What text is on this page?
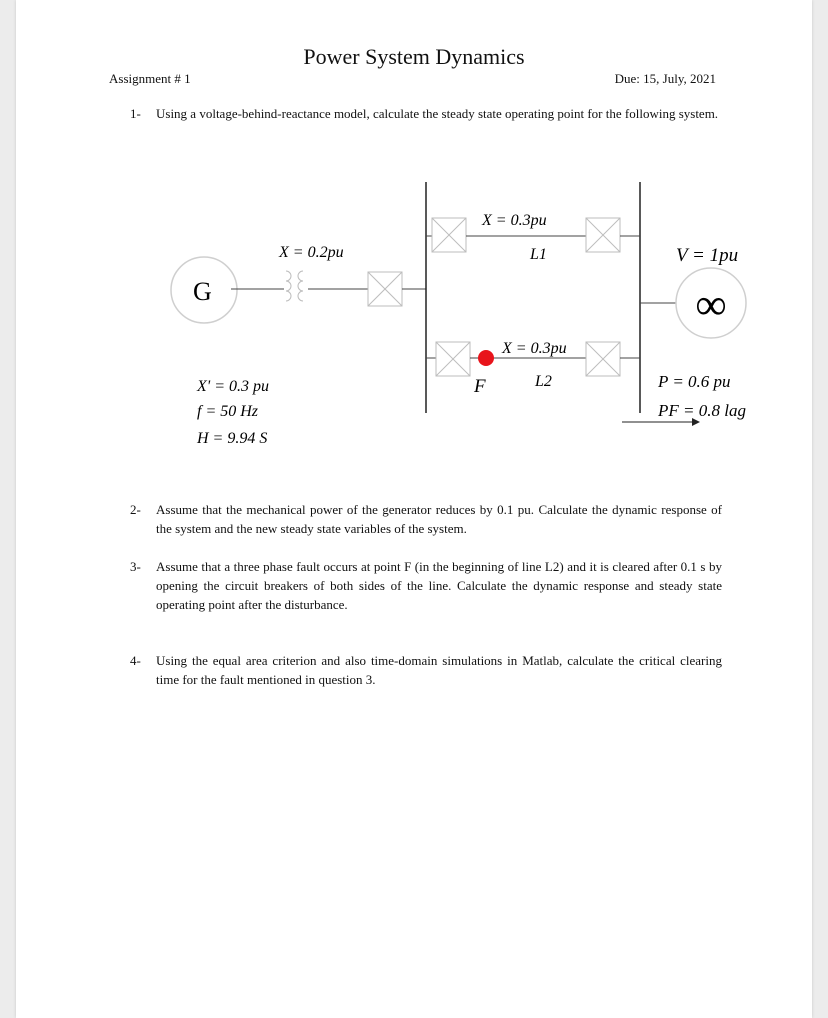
Power System Dynamics
Assignment # 1	Due: 15, July, 2021
1- Using a voltage-behind-reactance model, calculate the steady state operating point for the following system.
G
X = 0.2pu
X = 0.3pu
L1
F
X = 0.3pu
L2
∞
V = 1pu
P = 0.6 pu
PF = 0.8 lag
X' = 0.3 pu
f = 50 Hz
H = 9.94 S
2- Assume that the mechanical power of the generator reduces by 0.1 pu. Calculate the dynamic response of the system and the new steady state variables of the system.
3- Assume that a three phase fault occurs at point F (in the beginning of line L2) and it is cleared after 0.1 s by opening the circuit breakers of both sides of the line. Calculate the dynamic response and steady state operating point after the disturbance.
4- Using the equal area criterion and also time-domain simulations in Matlab, calculate the critical clearing time for the fault mentioned in question 3.
